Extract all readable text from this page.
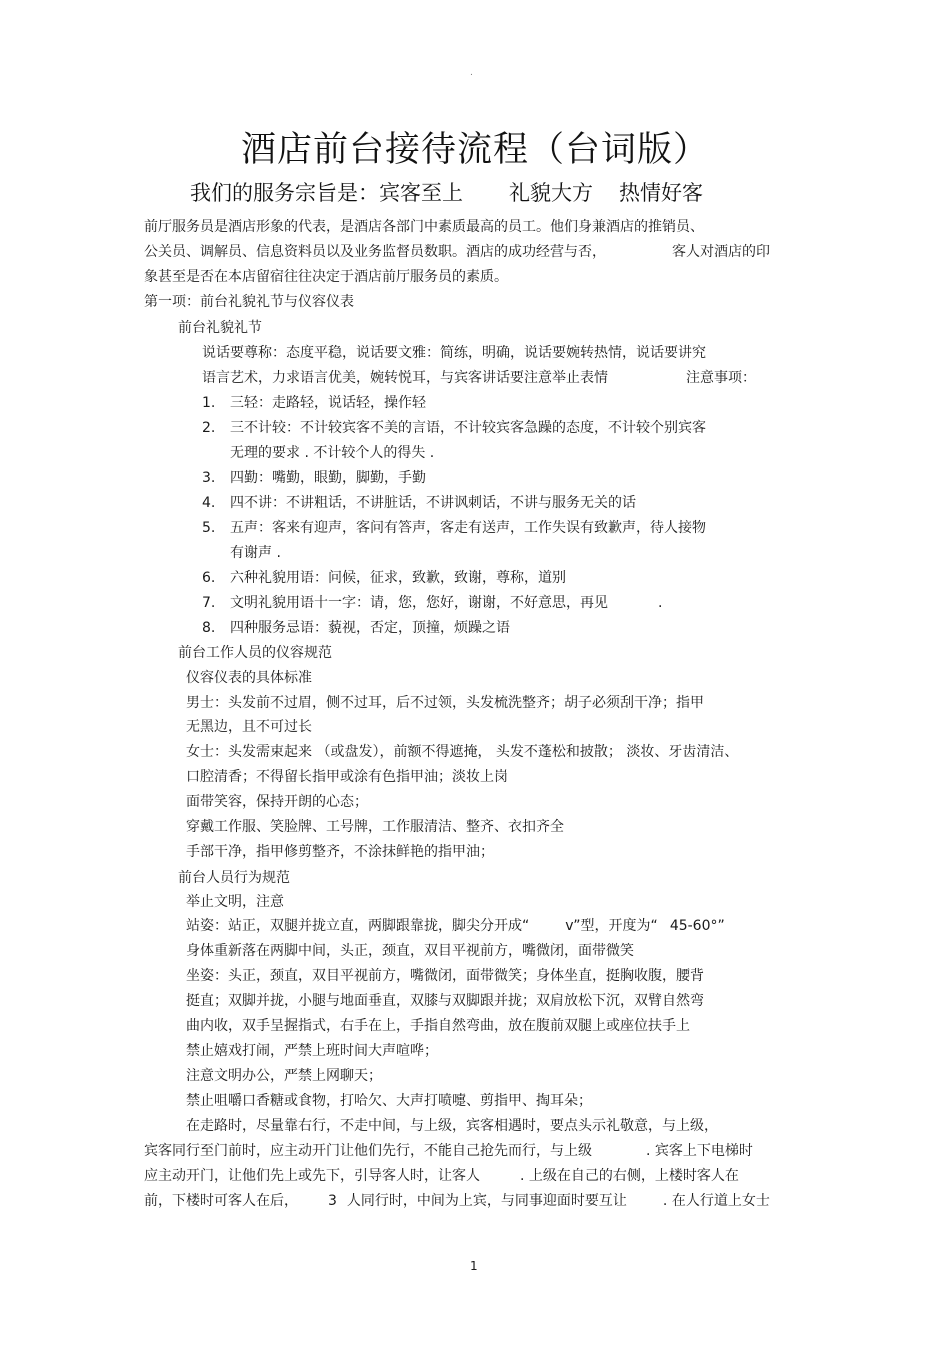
.
酒店前台接待流程（台词版）
我们的服务宗旨是：宾客至上 礼貌大方 热情好客
前厅服务员是酒店形象的代表，是酒店各部门中素质最高的员工。他们身兼酒店的推销员、
公关员、调解员、信息资料员以及业务监督员数职。酒店的成功经营与否，	客人对酒店的印
象甚至是否在本店留宿往往决定于酒店前厅服务员的素质。
第一项：前台礼貌礼节与仪容仪表
前台礼貌礼节
说话要尊称：态度平稳，说话要文雅：简练，明确，说话要婉转热情，说话要讲究
语言艺术，力求语言优美，婉转悦耳，与宾客讲话要注意举止表情	注意事项：
1. 三轻：走路轻，说话轻，操作轻
2. 三不计较：不计较宾客不美的言语，不计较宾客急躁的态度，不计较个别宾客
无理的要求 . 不计较个人的得失 .
3. 四勤：嘴勤，眼勤，脚勤，手勤
4. 四不讲：不讲粗话，不讲脏话，不讲讽刺话，不讲与服务无关的话
5. 五声：客来有迎声，客问有答声，客走有送声，工作失误有致歉声，待人接物
有谢声 .
6. 六种礼貌用语：问候，征求，致歉，致谢，尊称，道别
7. 文明礼貌用语十一字：请，您，您好，谢谢，不好意思，再见	.
8. 四种服务忌语：藐视，否定，顶撞，烦躁之语
前台工作人员的仪容规范
仪容仪表的具体标准
男士：头发前不过眉，侧不过耳，后不过领，头发梳洗整齐；胡子必须刮干净；指甲
无黑边，且不可过长
女士：头发需束起来 （或盘发），前额不得遮掩， 头发不蓬松和披散； 淡妆、牙齿清洁、
口腔清香；不得留长指甲或涂有色指甲油；淡妆上岗
面带笑容，保持开朗的心态；
穿戴工作服、笑脸牌、工号牌，工作服清洁、整齐、衣扣齐全
手部干净，指甲修剪整齐，不涂抹鲜艳的指甲油；
前台人员行为规范
举止文明，注意
站姿：站正，双腿并拢立直，两脚跟靠拢，脚尖分开成“	v”型，开度为“ 45-60°”
身体重新落在两脚中间，头正，颈直，双目平视前方，嘴微闭，面带微笑
坐姿：头正，颈直，双目平视前方，嘴微闭，面带微笑；身体坐直，挺胸收腹，腰背
挺直；双脚并拢，小腿与地面垂直，双膝与双脚跟并拢；双肩放松下沉，双臂自然弯
曲内收，双手呈握指式，右手在上，手指自然弯曲，放在腹前双腿上或座位扶手上
禁止嬉戏打闹，严禁上班时间大声喧哗；
注意文明办公，严禁上网聊天；
禁止咀嚼口香糖或食物，打哈欠、大声打喷嚏、剪指甲、掏耳朵；
在走路时，尽量靠右行，不走中间，与上级，宾客相遇时，要点头示礼敬意，与上级，
宾客同行至门前时，应主动开门让他们先行，不能自己抢先而行，与上级	. 宾客上下电梯时
应主动开门，让他们先上或先下，引导客人时，让客人	. 上级在自己的右侧，上楼时客人在
前，下楼时可客人在后， 3 人同行时，中间为上宾，与同事迎面时要互让	. 在人行道上女士
1
